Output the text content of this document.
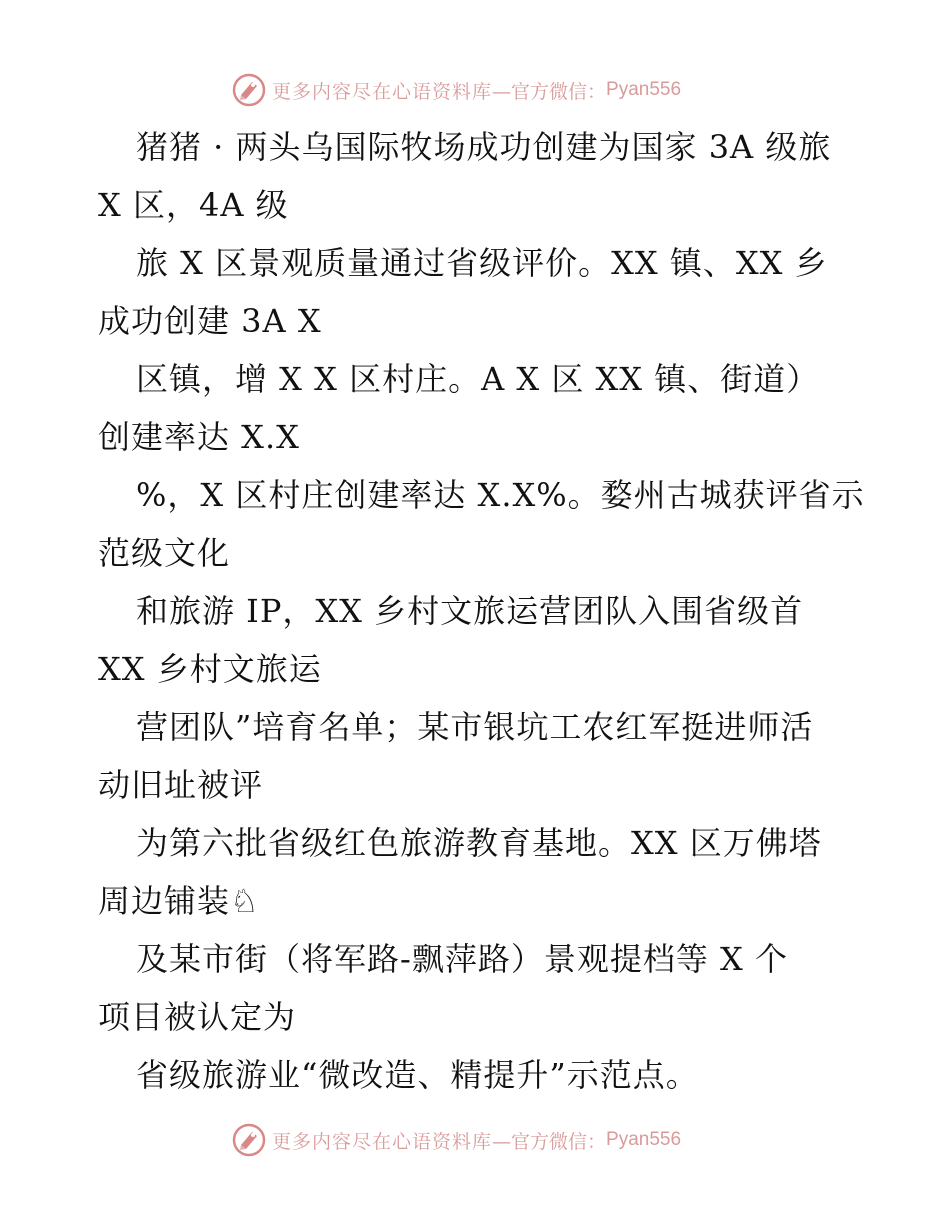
更多内容尽在心语资料库 —官方微信： Pyan556
猪猪 · 两头乌国际牧场成功创建为国家 3A 级旅
X 区，4A 级
旅 X 区景观质量通过省级评价。XX 镇、XX 乡
成功创建 3A X
区镇，增 X X 区村庄。A X 区 XX 镇、街道）
创建率达 X.X
%，X 区村庄创建率达 X.X%。婺州古城获评省示
范级文化
和旅游 IP，XX 乡村文旅运营团队入围省级首
XX 乡村文旅运
营团队”培育名单；某市银坑工农红军挺进师活
动旧址被评
为第六批省级红色旅游教育基地。XX 区万佛塔
周边铺装♘
及某市街（将军路-飘萍路）景观提档等 X 个
项目被认定为
省级旅游业“微改造、精提升”示范点。
更多内容尽在心语资料库 —官方微信： Pyan556
